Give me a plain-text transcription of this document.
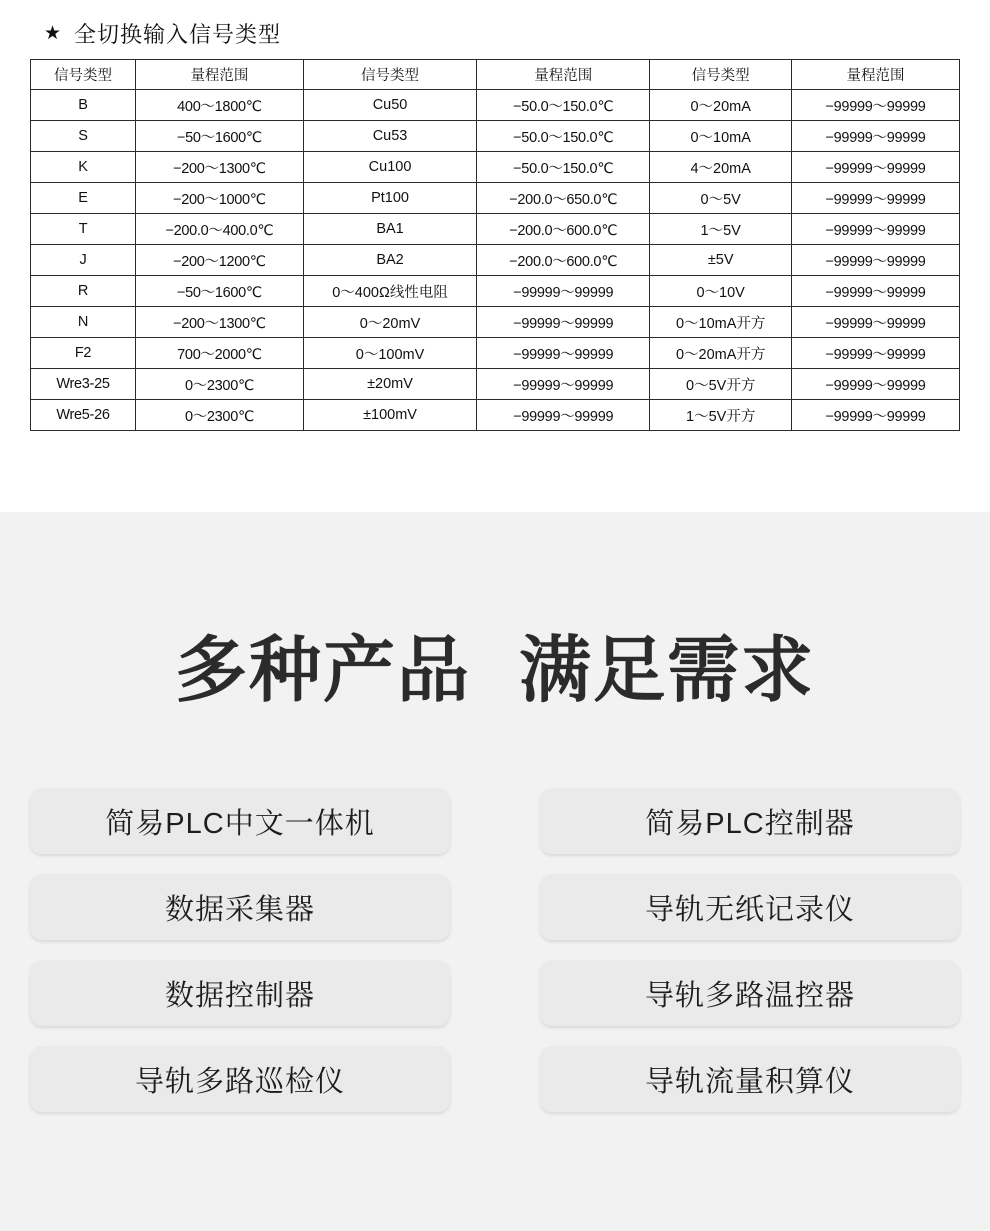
★ 全切换输入信号类型
信号类型	量程范围	信号类型	量程范围	信号类型	量程范围
B	400～1800℃	Cu50	−50.0～150.0℃	0～20mA	−99999～99999
S	−50～1600℃	Cu53	−50.0～150.0℃	0～10mA	−99999～99999
K	−200～1300℃	Cu100	−50.0～150.0℃	4～20mA	−99999～99999
E	−200～1000℃	Pt100	−200.0～650.0℃	0～5V	−99999～99999
T	−200.0～400.0℃	BA1	−200.0～600.0℃	1～5V	−99999～99999
J	−200～1200℃	BA2	−200.0～600.0℃	±5V	−99999～99999
R	−50～1600℃	0～400Ω线性电阻	−99999～99999	0～10V	−99999～99999
N	−200～1300℃	0～20mV	−99999～99999	0～10mA开方	−99999～99999
F2	700～2000℃	0～100mV	−99999～99999	0～20mA开方	−99999～99999
Wre3-25	0～2300℃	±20mV	−99999～99999	0～5V开方	−99999～99999
Wre5-26	0～2300℃	±100mV	−99999～99999	1～5V开方	−99999～99999
多种产品 满足需求
简易PLC中文一体机	简易PLC控制器
数据采集器	导轨无纸记录仪
数据控制器	导轨多路温控器
导轨多路巡检仪	导轨流量积算仪
